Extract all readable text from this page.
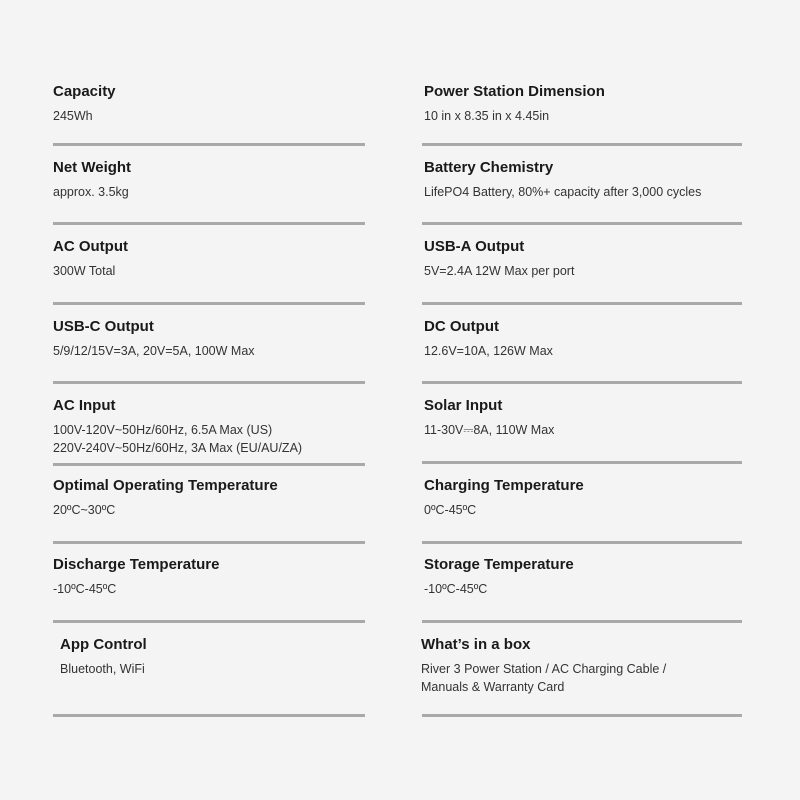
Capacity
245Wh
Power Station Dimension
10 in x 8.35 in x 4.45in
Net Weight
approx. 3.5kg
Battery Chemistry
LifePO4 Battery, 80%+ capacity after 3,000 cycles
AC Output
300W Total
USB-A Output
5V=2.4A 12W Max per port
USB-C Output
5/9/12/15V=3A, 20V=5A, 100W Max
DC Output
12.6V=10A, 126W Max
AC Input
100V-120V~50Hz/60Hz, 6.5A Max (US)
220V-240V~50Hz/60Hz, 3A Max (EU/AU/ZA)
Solar Input
11-30V⎓8A, 110W Max
Optimal Operating Temperature
20ºC~30ºC
Charging Temperature
0ºC-45ºC
Discharge Temperature
-10ºC-45ºC
Storage Temperature
-10ºC-45ºC
App Control
Bluetooth, WiFi
What’s in a box
River 3 Power Station / AC Charging Cable /
Manuals & Warranty Card
